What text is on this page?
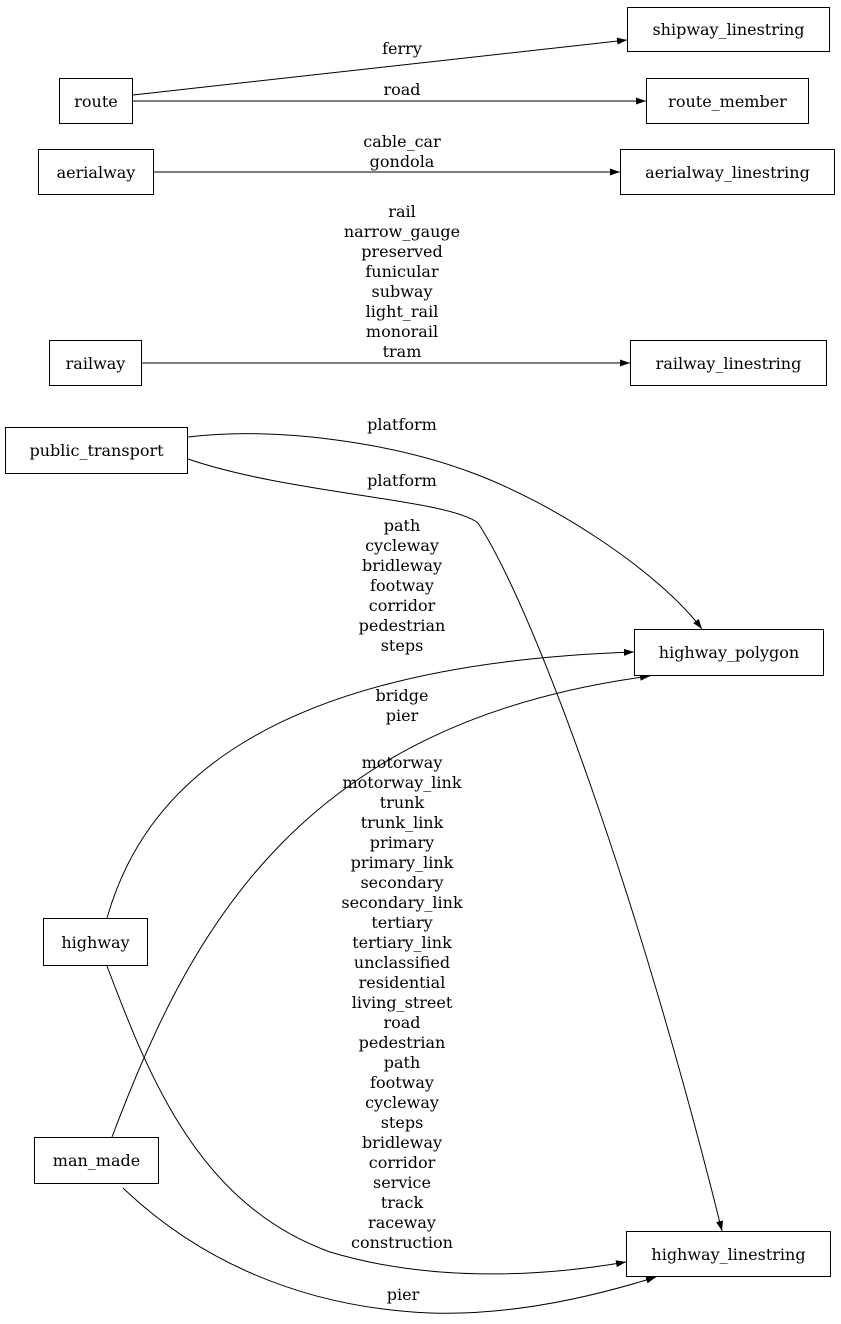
route
shipway_linestring
route_member
aerialway	aerialway_linestring
railway	railway_linestring
public_transport
highway_polygon
highway
man_made
highway_linestring
ferry
road
cable_car
gondola
rail
narrow_gauge
preserved
funicular
subway
light_rail
monorail
tram
platform
platform
path
cycleway
bridleway
footway
corridor
pedestrian
steps
bridge
pier
motorway
motorway_link
trunk
trunk_link
primary
primary_link
secondary
secondary_link
tertiary
tertiary_link
unclassified
residential
living_street
road
pedestrian
path
footway
cycleway
steps
bridleway
corridor
service
track
raceway
construction
pier
